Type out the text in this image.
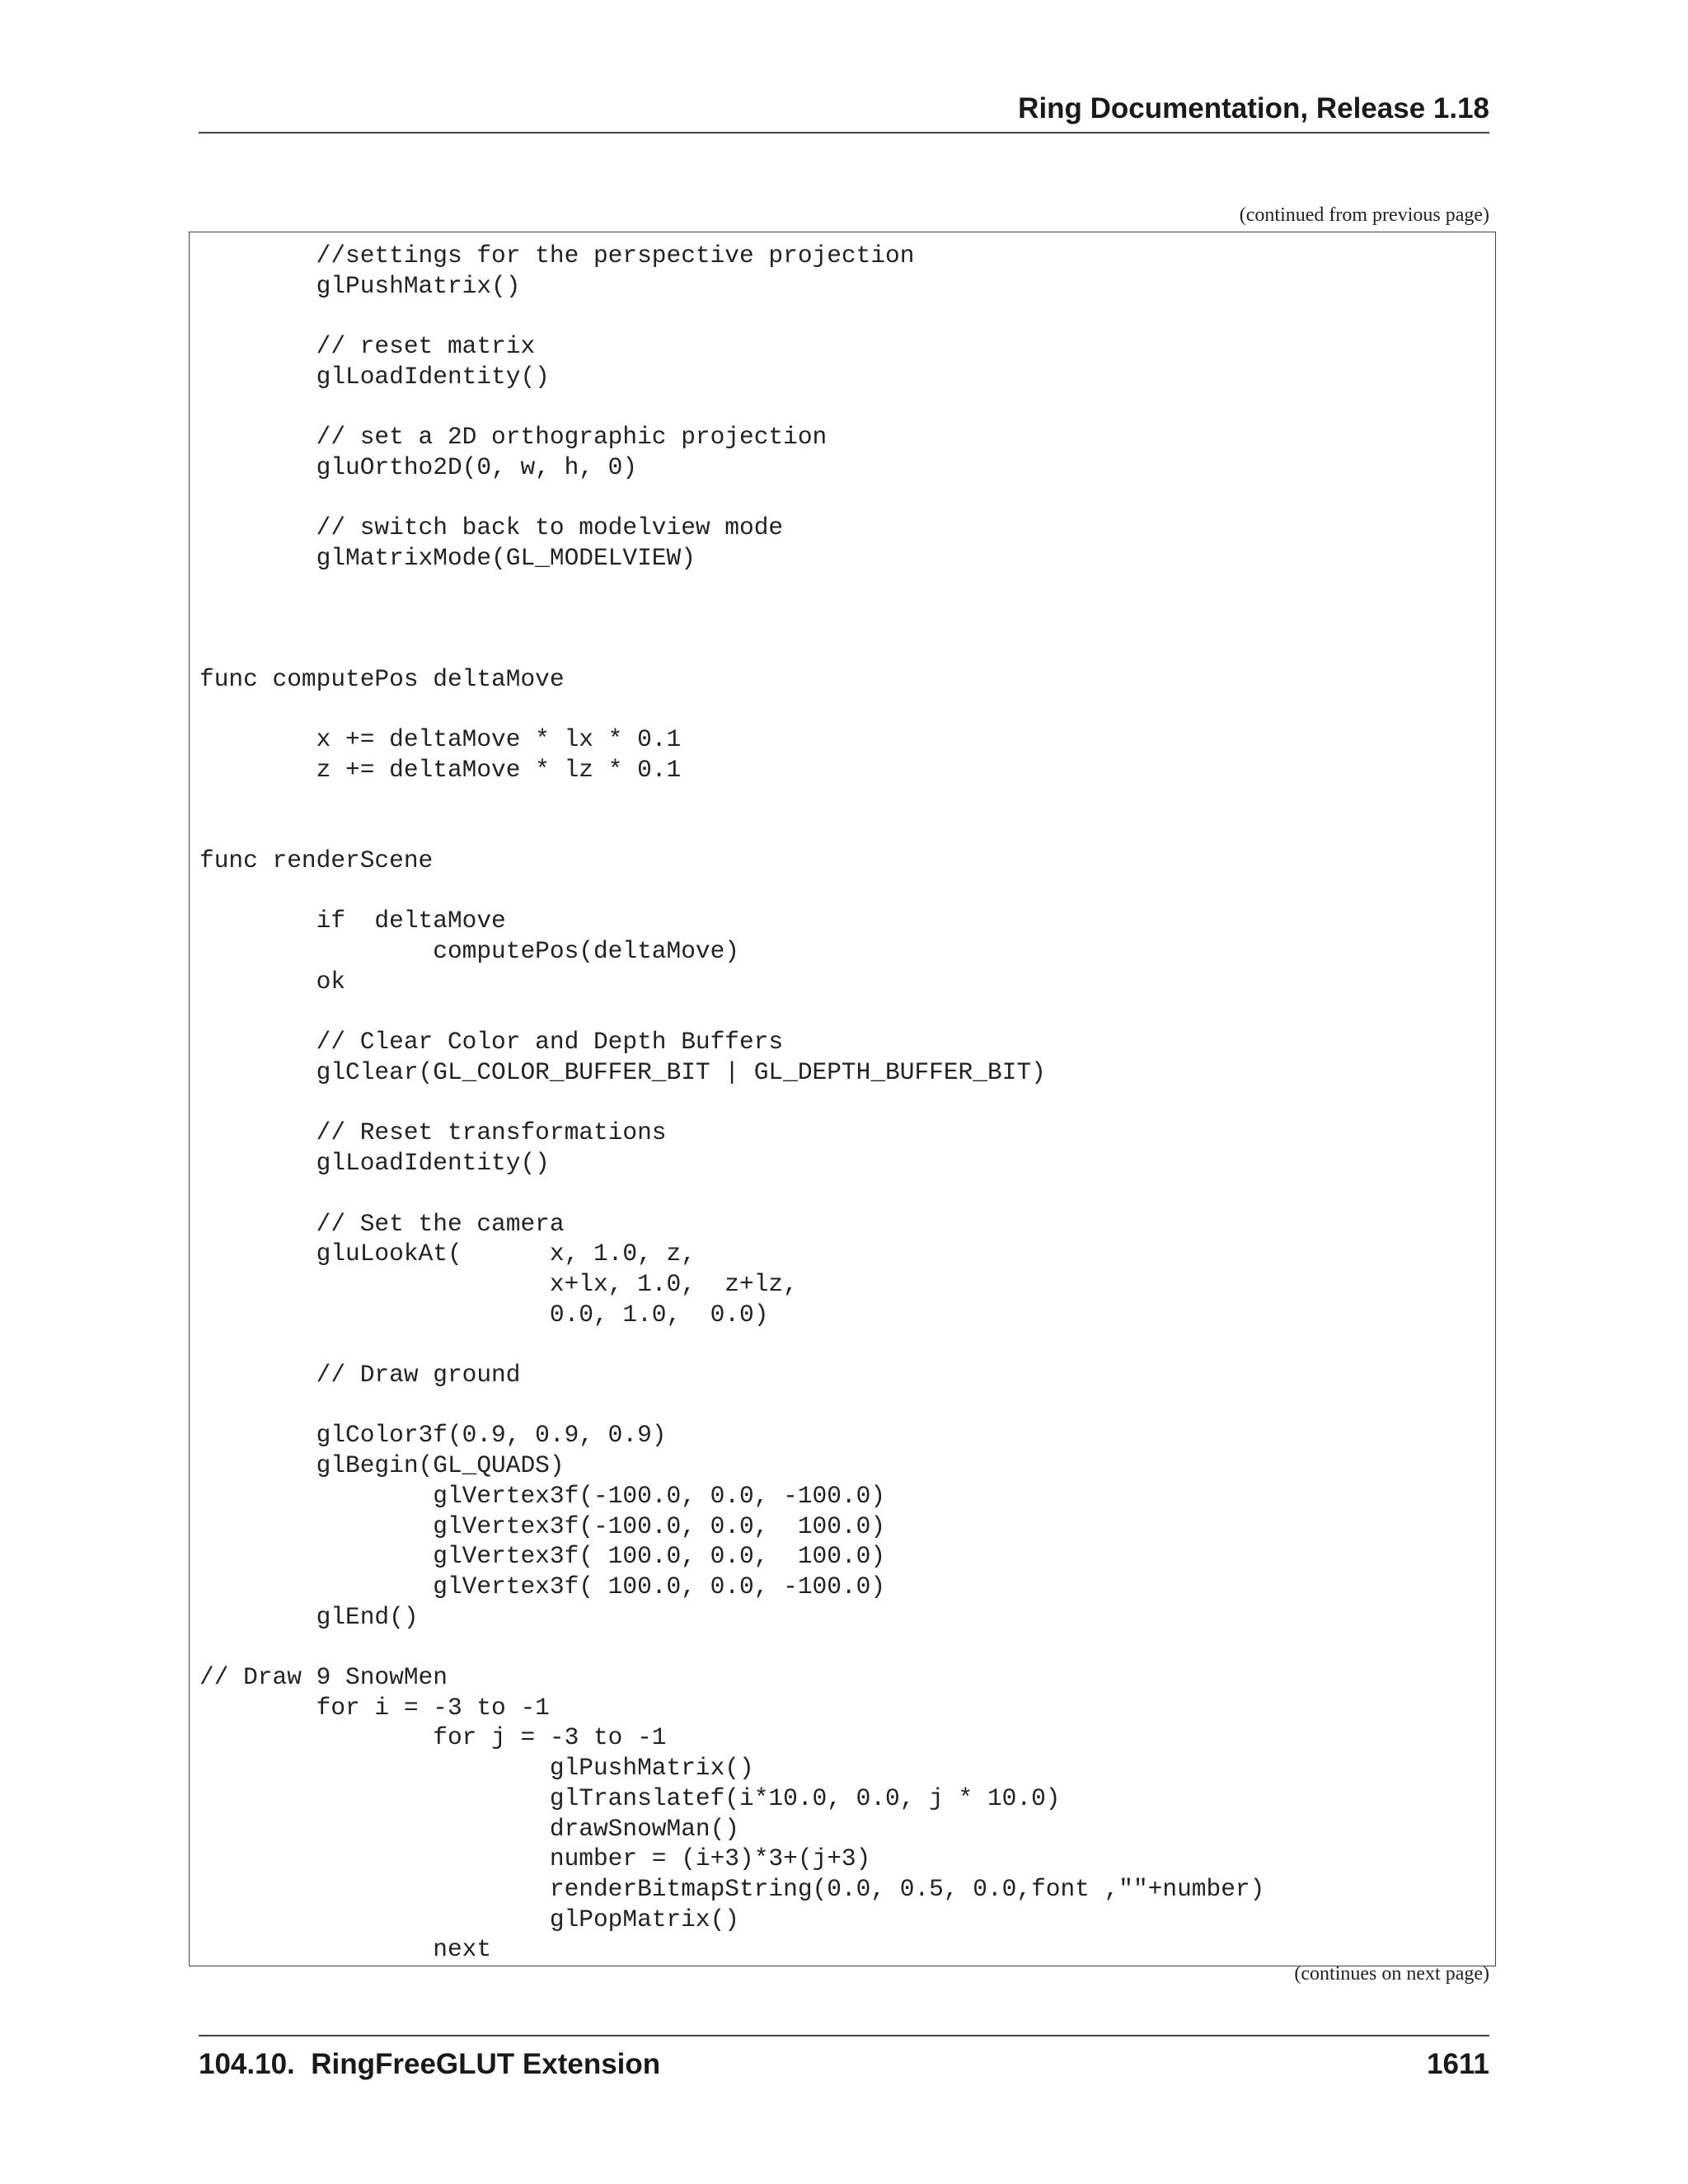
Ring Documentation, Release 1.18
(continued from previous page)
//settings for the perspective projection
glPushMatrix()

// reset matrix
glLoadIdentity()

// set a 2D orthographic projection
gluOrtho2D(0, w, h, 0)

// switch back to modelview mode
glMatrixMode(GL_MODELVIEW)

func computePos deltaMove

x += deltaMove * lx * 0.1
z += deltaMove * lz * 0.1

func renderScene

if  deltaMove
computePos(deltaMove)
ok

// Clear Color and Depth Buffers
glClear(GL_COLOR_BUFFER_BIT | GL_DEPTH_BUFFER_BIT)

// Reset transformations
glLoadIdentity()

// Set the camera
gluLookAt(      x, 1.0, z,
x+lx, 1.0,  z+lz,
0.0, 1.0,  0.0)

// Draw ground

glColor3f(0.9, 0.9, 0.9)
glBegin(GL_QUADS)
glVertex3f(-100.0, 0.0, -100.0)
glVertex3f(-100.0, 0.0,  100.0)
glVertex3f( 100.0, 0.0,  100.0)
glVertex3f( 100.0, 0.0, -100.0)
glEnd()

// Draw 9 SnowMen
for i = -3 to -1
for j = -3 to -1
glPushMatrix()
glTranslatef(i*10.0, 0.0, j * 10.0)
drawSnowMan()
number = (i+3)*3+(j+3)
renderBitmapString(0.0, 0.5, 0.0,font ,""+number)
glPopMatrix()
next
(continues on next page)
104.10.  RingFreeGLUT Extension	1611
